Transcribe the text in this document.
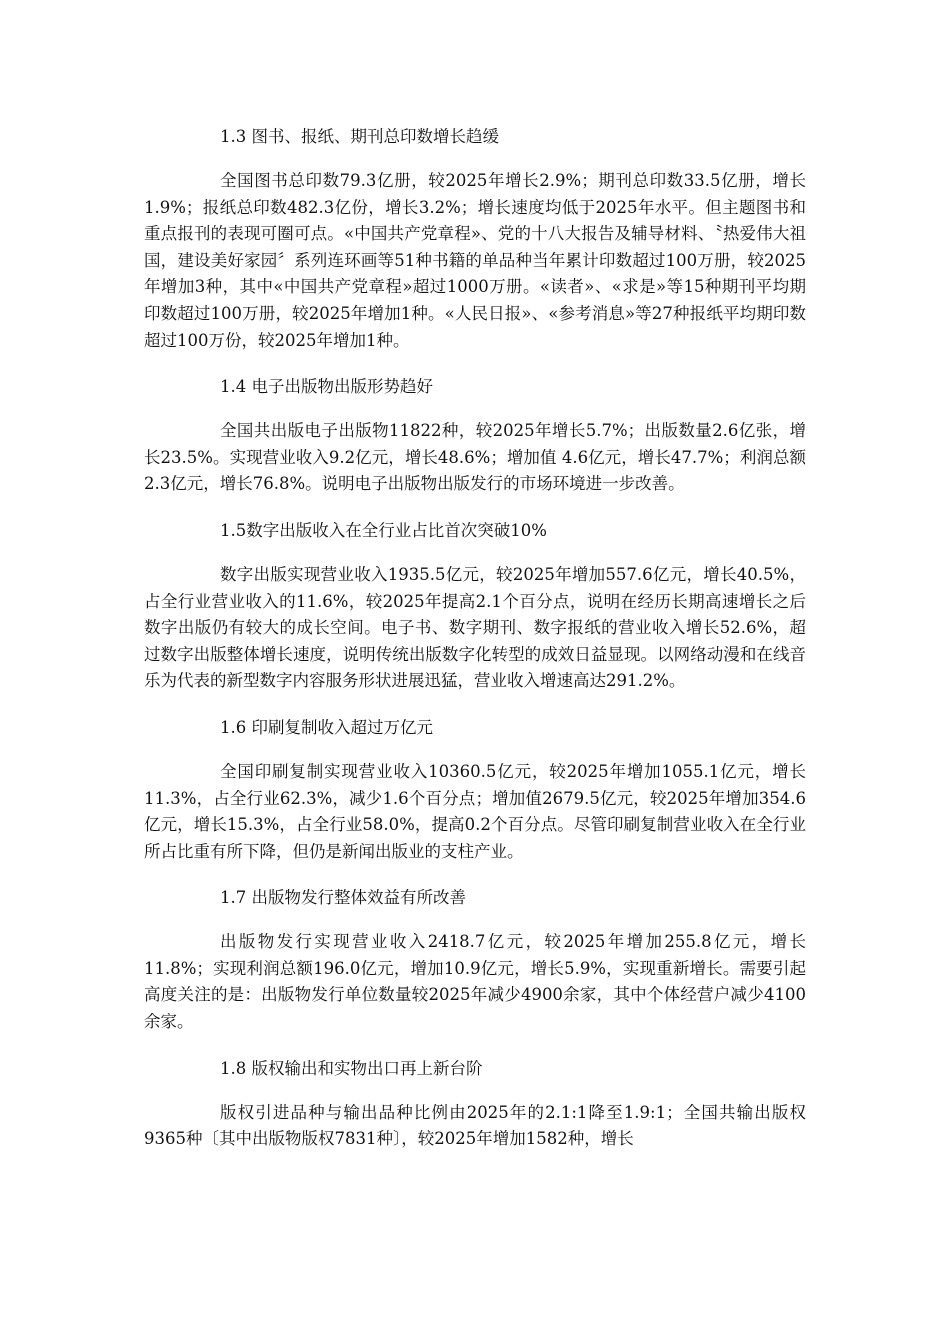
1.3 图书、报纸、期刊总印数增长趋缓

全国图书总印数79.3亿册，较2025年增长2.9%；期刊总印数33.5亿册，增长1.9%；报纸总印数482.3亿份，增长3.2%；增长速度均低于2025年水平。但主题图书和重点报刊的表现可圈可点。«中国共产党章程»、党的十八大报告及辅导材料、〝热爱伟大祖国，建设美好家园〞系列连环画等51种书籍的单品种当年累计印数超过100万册，较2025年增加3种，其中«中国共产党章程»超过1000万册。«读者»、«求是»等15种期刊平均期印数超过100万册，较2025年增加1种。«人民日报»、«参考消息»等27种报纸平均期印数超过100万份，较2025年增加1种。

1.4 电子出版物出版形势趋好

全国共出版电子出版物11822种，较2025年增长5.7%；出版数量2.6亿张，增长23.5%。实现营业收入9.2亿元，增长48.6%；增加值 4.6亿元，增长47.7%；利润总额2.3亿元，增长76.8%。说明电子出版物出版发行的市场环境进一步改善。

1.5数字出版收入在全行业占比首次突破10%

数字出版实现营业收入1935.5亿元，较2025年增加557.6亿元，增长40.5%，占全行业营业收入的11.6%，较2025年提高2.1个百分点，说明在经历长期高速增长之后数字出版仍有较大的成长空间。电子书、数字期刊、数字报纸的营业收入增长52.6%，超过数字出版整体增长速度，说明传统出版数字化转型的成效日益显现。以网络动漫和在线音乐为代表的新型数字内容服务形状进展迅猛，营业收入增速高达291.2%。

1.6 印刷复制收入超过万亿元

全国印刷复制实现营业收入10360.5亿元，较2025年增加1055.1亿元，增长11.3%，占全行业62.3%，减少1.6个百分点；增加值2679.5亿元，较2025年增加354.6亿元，增长15.3%，占全行业58.0%，提高0.2个百分点。尽管印刷复制营业收入在全行业所占比重有所下降，但仍是新闻出版业的支柱产业。

1.7 出版物发行整体效益有所改善

出版物发行实现营业收入2418.7亿元，较2025年增加255.8亿元，增长11.8%；实现利润总额196.0亿元，增加10.9亿元，增长5.9%，实现重新增长。需要引起高度关注的是：出版物发行单位数量较2025年减少4900余家，其中个体经营户减少4100余家。

1.8 版权输出和实物出口再上新台阶

版权引进品种与输出品种比例由2025年的2.1:1降至1.9:1；全国共输出版权9365种〔其中出版物版权7831种〕，较2025年增加1582种，增长
